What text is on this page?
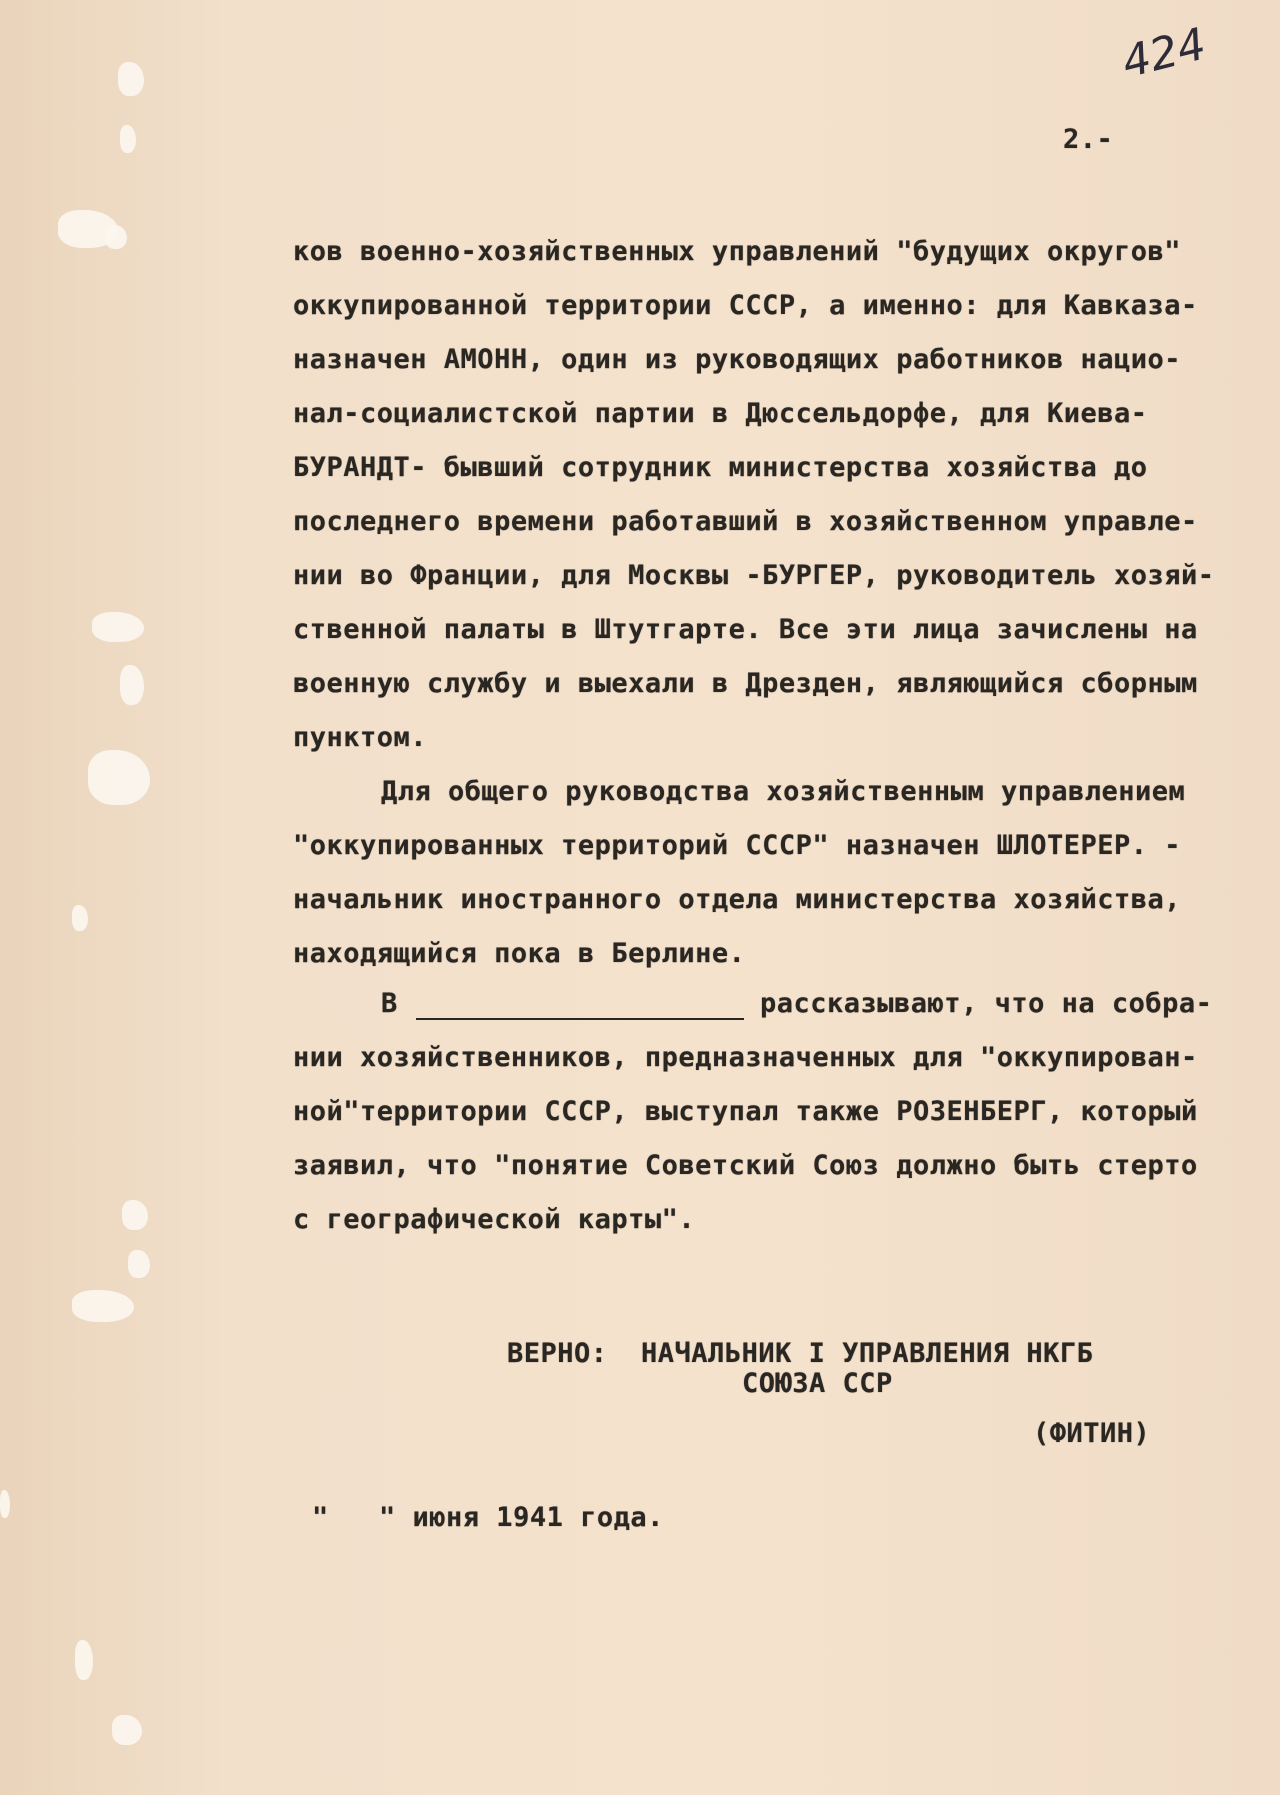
424
2.-
ков военно-хозяйственных управлений "будущих округов"
оккупированной территории СССР, а именно: для Кавказа-
назначен АМОНН, один из руководящих работников нацио-
нал-социалистской партии в Дюссельдорфе, для Киева-
БУРАНДТ- бывший сотрудник министерства хозяйства до
последнего времени работавший в хозяйственном управле-
нии во Франции, для Москвы -БУРГЕР, руководитель хозяй-
ственной палаты в Штутгарте. Все эти лица зачислены на
военную службу и выехали в Дрезден, являющийся сборным
пунктом.
Для общего руководства хозяйственным управлением
"оккупированных территорий СССР" назначен ШЛОТЕРЕР. -
начальник иностранного отдела министерства хозяйства,
находящийся пока в Берлине.
В	рассказывают, что на собра-
нии хозяйственников, предназначенных для "оккупирован-
ной"территории СССР, выступал также РОЗЕНБЕРГ, который
заявил, что "понятие Советский Союз должно быть стерто
с географической карты".
ВЕРНО:  НАЧАЛЬНИК I УПРАВЛЕНИЯ НКГБ
СОЮЗА ССР
(ФИТИН)
"   " июня 1941 года.
